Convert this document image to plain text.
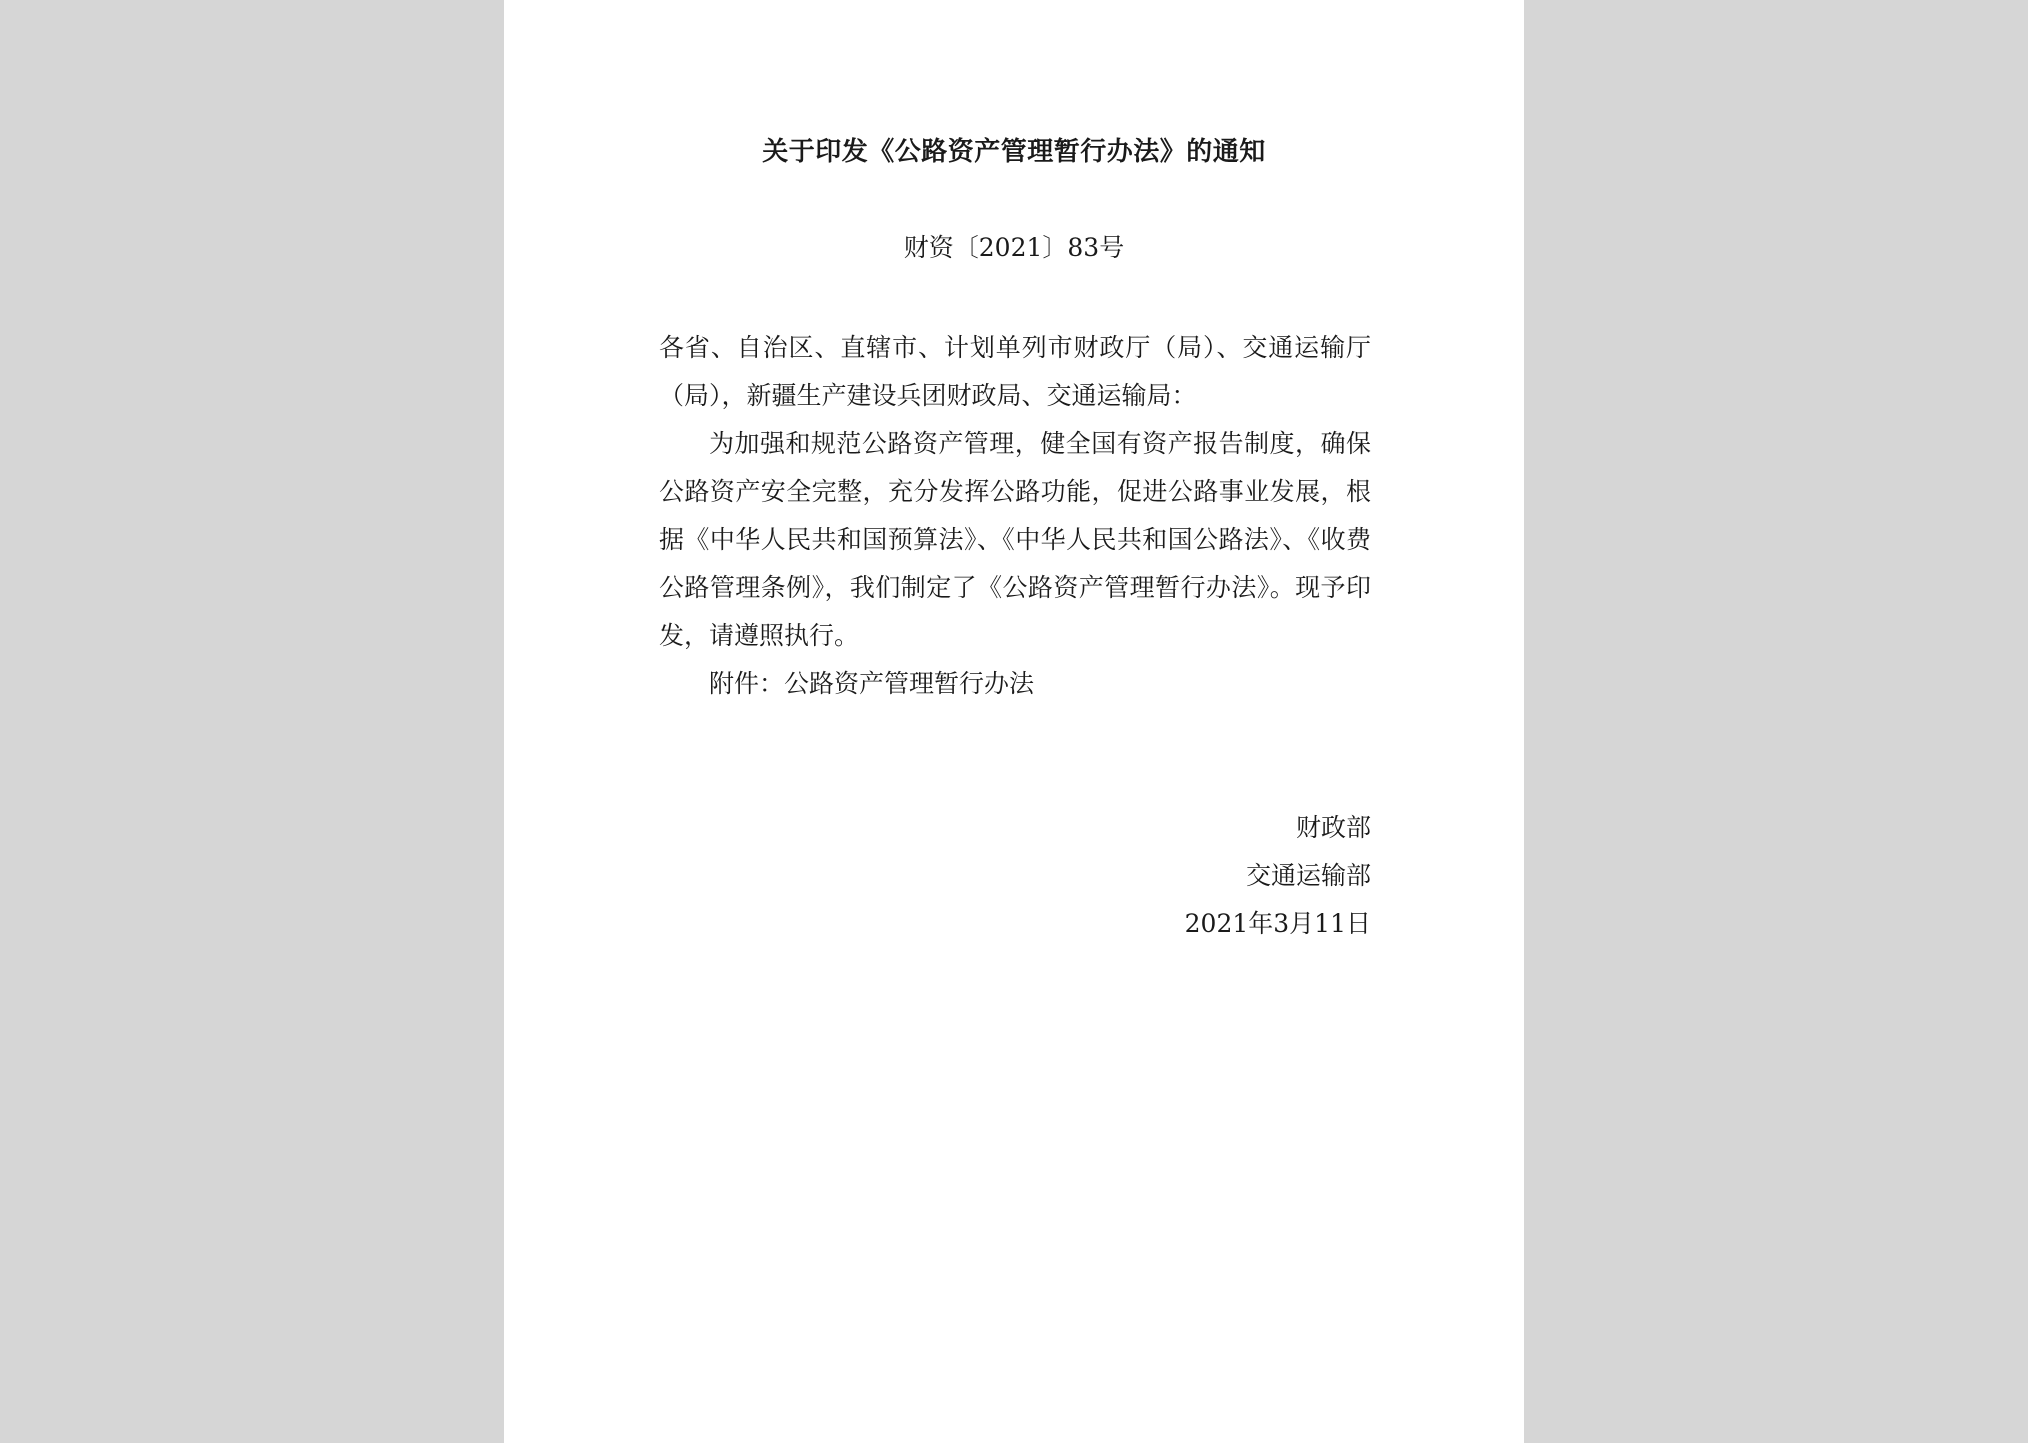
关于印发《公路资产管理暂行办法》的通知
财资〔2021〕83号

各省、自治区、直辖市、计划单列市财政厅（局）、交通运输厅（局），新疆生产建设兵团财政局、交通运输局：

为加强和规范公路资产管理，健全国有资产报告制度，确保公路资产安全完整，充分发挥公路功能，促进公路事业发展，根据《中华人民共和国预算法》、《中华人民共和国公路法》、《收费公路管理条例》，我们制定了《公路资产管理暂行办法》。现予印发，请遵照执行。

附件：公路资产管理暂行办法

财政部
交通运输部
2021年3月11日
